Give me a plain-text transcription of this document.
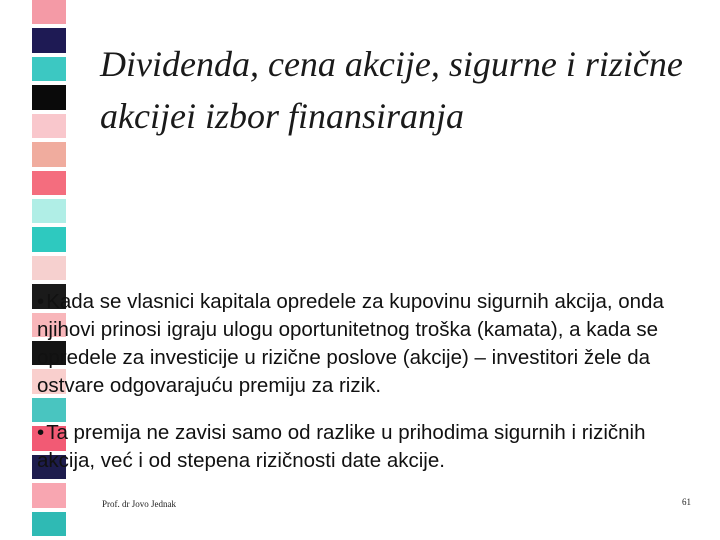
Dividenda, cena akcije, sigurne i rizične akcijei izbor finansiranja

•Kada se vlasnici kapitala opredele za kupovinu sigurnih akcija, onda njihovi prinosi igraju ulogu oportunitetnog troška (kamata), a kada se opredele za investicije u rizične poslove (akcije) – investitori žele da ostvare odgovarajuću premiju za rizik.

•Ta premija ne zavisi samo od razlike u prihodima sigurnih i rizičnih akcija, već i od stepena rizičnosti date akcije.

Prof. dr Jovo Jednak	61
